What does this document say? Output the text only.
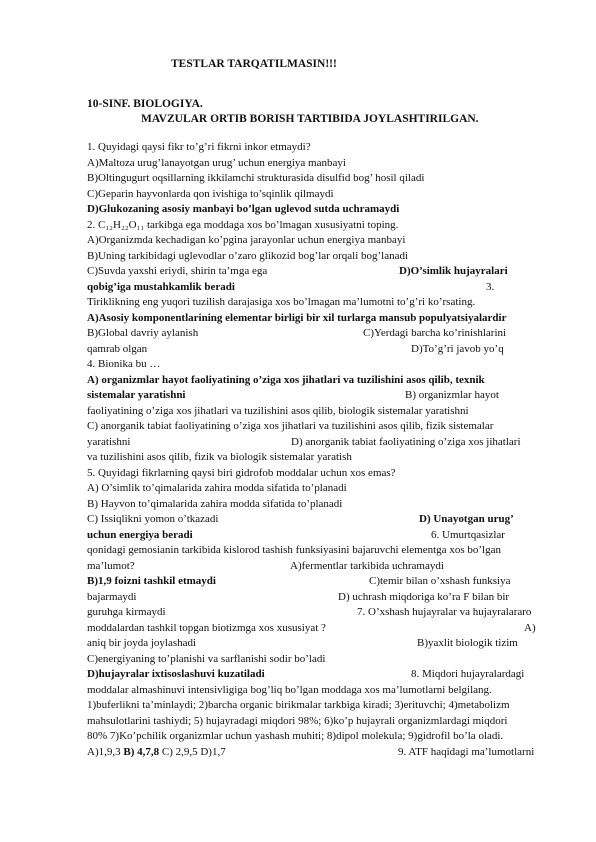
TESTLAR TARQATILMASIN!!!
10-SINF. BIOLOGIYA.
MAVZULAR ORTIB BORISH TARTIBIDA JOYLASHTIRILGAN.
1. Quyidagi qaysi fikr to’g’ri fikrni inkor etmaydi?
A)Maltoza urug’lanayotgan urug’ uchun energiya manbayi
B)Oltingugurt oqsillarning ikkilamchi strukturasida disulfid bog’ hosil qiladi
C)Geparin hayvonlarda qon ivishiga to’sqinlik qilmaydi
D)Glukozaning asosiy manbayi bo’lgan uglevod sutda uchramaydi
2. C₁₂H₂₂O₁₁ tarkibga ega moddaga xos bo’lmagan xususiyatni toping.
A)Organizmda kechadigan ko’pgina jarayonlar uchun energiya manbayi
B)Uning tarkibidagi uglevodlar o’zaro glikozid bog’lar orqali bog’lanadi
C)Suvda yaxshi eriydi, shirin ta’mga ega	D)O’simlik hujayralari
qobig’iga mustahkamlik beradi	3.
Tiriklikning eng yuqori tuzilish darajasiga xos bo’lmagan ma’lumotni to’g’ri ko’rsating.
A)Asosiy komponentlarining elementar birligi bir xil turlarga mansub populyatsiyalardir
B)Global davriy aylanish	C)Yerdagi barcha ko’rinishlarini
qamrab olgan	D)To’g’ri javob yo’q
4. Bionika bu …
A) organizmlar hayot faoliyatining o’ziga xos jihatlari va tuzilishini asos qilib, texnik
sistemalar yaratishni	B) organizmlar hayot
faoliyatining o’ziga xos jihatlari va tuzilishini asos qilib, biologik sistemalar yaratishni
C) anorganik tabiat faoliyatining o’ziga xos jihatlari va tuzilishini asos qilib, fizik sistemalar
yaratishni	D) anorganik tabiat faoliyatining o’ziga xos jihatlari
va tuzilishini asos qilib, fizik va biologik sistemalar yaratish
5. Quyidagi fikrlarning qaysi biri gidrofob moddalar uchun xos emas?
A) O’simlik to’qimalarida zahira modda sifatida to’planadi
B) Hayvon to’qimalarida zahira modda sifatida to’planadi
C) Issiqlikni yomon o’tkazadi	D) Unayotgan urug’
uchun energiya beradi	6. Umurtqasizlar
qonidagi gemosianin tarkibida kislorod tashish funksiyasini bajaruvchi elementga xos bo’lgan
ma’lumot?	A)fermentlar tarkibida uchramaydi
B)1,9 foizni tashkil etmaydi	C)temir bilan o’xshash funksiya
bajarmaydi	D) uchrash miqdoriga ko’ra F bilan bir
guruhga kirmaydi	7. O’xshash hujayralar va hujayralararo
moddalardan tashkil topgan biotizmga xos xususiyat ?	A)
aniq bir joyda joylashadi	B)yaxlit biologik tizim
C)energiyaning to’planishi va sarflanishi sodir bo’ladi
D)hujayralar ixtisoslashuvi kuzatiladi	8. Miqdori hujayralardagi
moddalar almashinuvi intensivligiga bog’liq bo’lgan moddaga xos ma’lumotlarni belgilang.
1)buferlikni ta’minlaydi; 2)barcha organic birikmalar tarkbiga kiradi; 3)erituvchi; 4)metabolizm
mahsulotlarini tashiydi; 5) hujayradagi miqdori 98%; 6)ko’p hujayrali organizmlardagi miqdori
80% 7)Ko’pchilik organizmlar uchun yashash muhiti; 8)dipol molekula; 9)gidrofil bo’la oladi.
A)1,9,3 B) 4,7,8 C) 2,9,5 D)1,7	9. ATF haqidagi ma’lumotlarni
